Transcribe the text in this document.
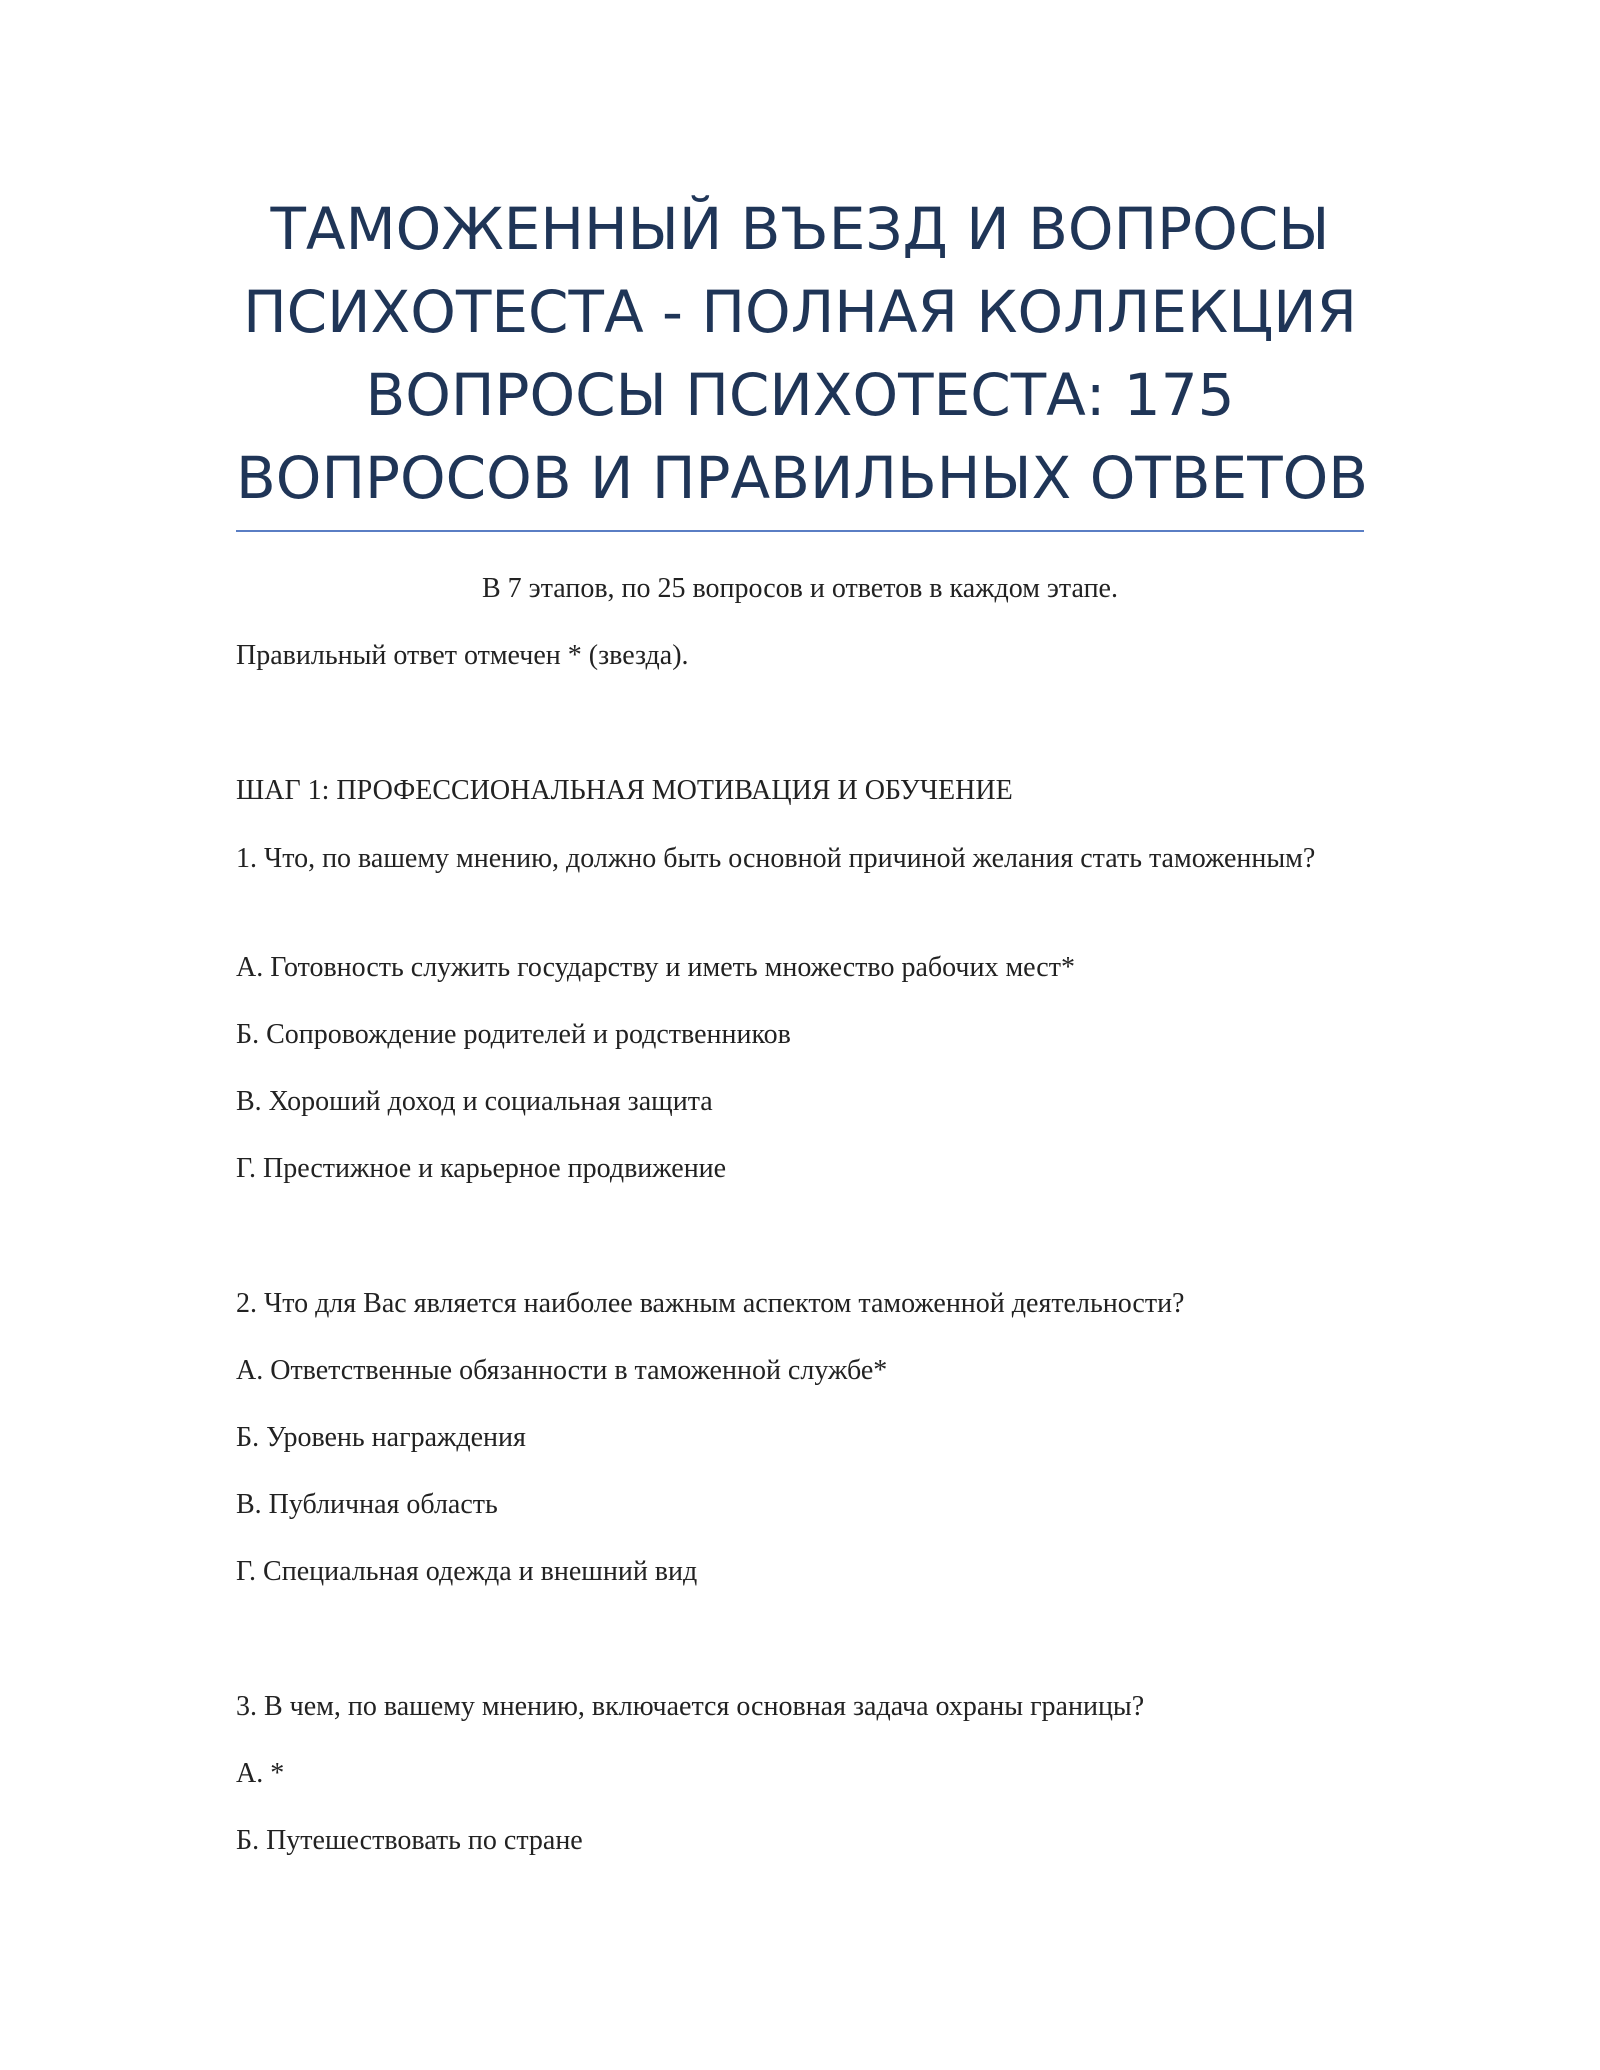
ТАМОЖЕННЫЙ ВЪЕЗД И ВОПРОСЫ
ПСИХОТЕСТА - ПОЛНАЯ КОЛЛЕКЦИЯ
ВОПРОСЫ ПСИХОТЕСТА: 175
ВОПРОСОВ И ПРАВИЛЬНЫХ ОТВЕТОВ

В 7 этапов, по 25 вопросов и ответов в каждом этапе.

Правильный ответ отмечен * (звезда).

ШАГ 1: ПРОФЕССИОНАЛЬНАЯ МОТИВАЦИЯ И ОБУЧЕНИЕ

1. Что, по вашему мнению, должно быть основной причиной желания стать таможенным?

А. Готовность служить государству и иметь множество рабочих мест*

Б. Сопровождение родителей и родственников

В. Хороший доход и социальная защита

Г. Престижное и карьерное продвижение

2. Что для Вас является наиболее важным аспектом таможенной деятельности?

А. Ответственные обязанности в таможенной службе*

Б. Уровень награждения

В. Публичная область

Г. Специальная одежда и внешний вид

3. В чем, по вашему мнению, включается основная задача охраны границы?

А. *

Б. Путешествовать по стране
